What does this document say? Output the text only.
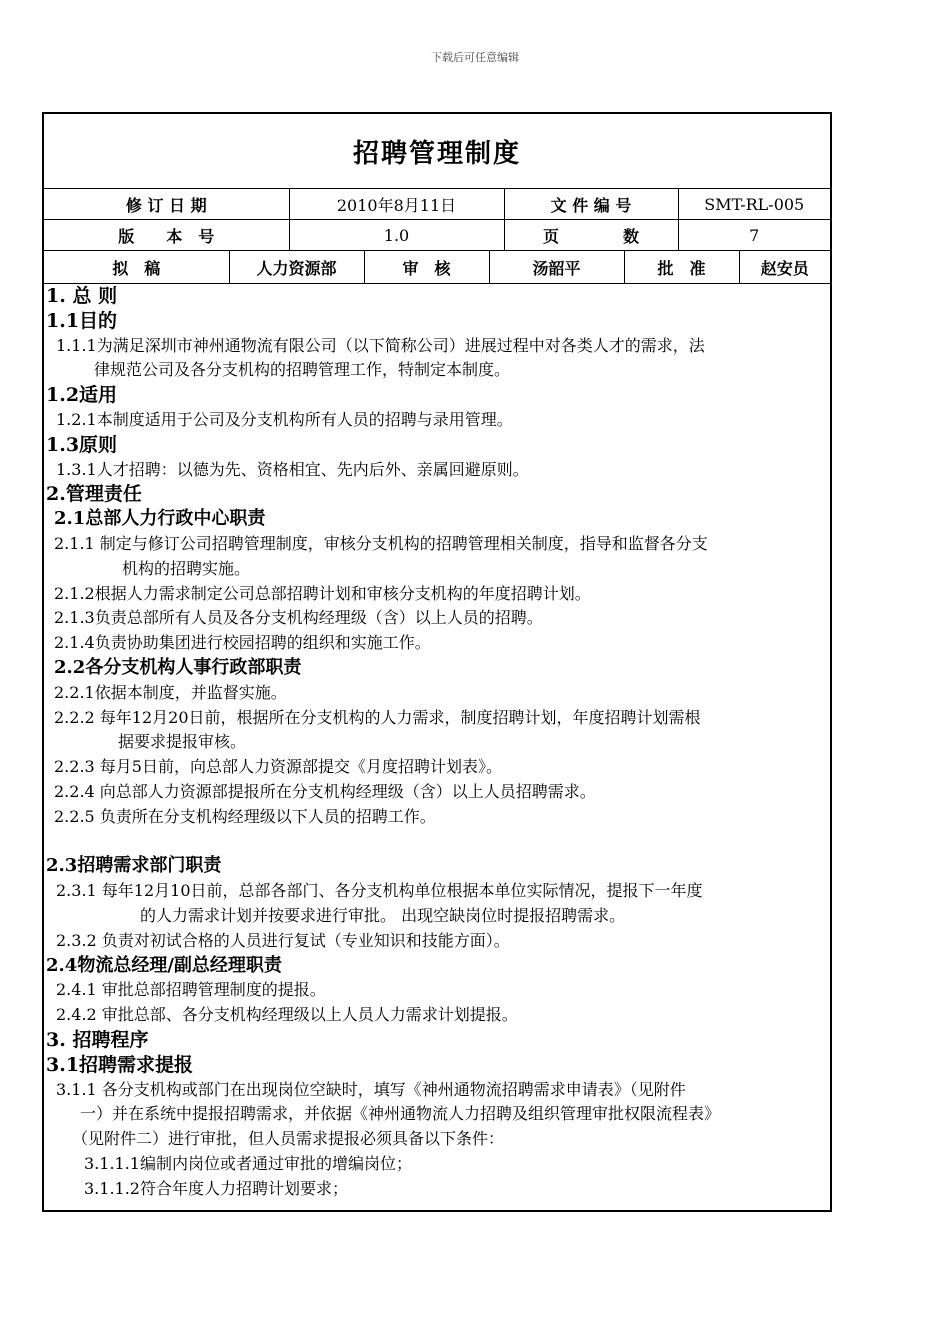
下载后可任意编辑
招聘管理制度
修 订 日 期	2010年8月11日	文 件 编 号	SMT-RL-005
版　　本　号	1.0	页　　　　数	7
拟　稿	人力资源部	审　核	汤韶平	批　准	赵安员
1. 总 则
1.1目的
1.1.1为满足深圳市神州通物流有限公司（以下简称公司）进展过程中对各类人才的需求，法
律规范公司及各分支机构的招聘管理工作，特制定本制度。
1.2适用
1.2.1本制度适用于公司及分支机构所有人员的招聘与录用管理。
1.3原则
1.3.1人才招聘：以德为先、资格相宜、先内后外、亲属回避原则。
2.管理责任
2.1总部人力行政中心职责
2.1.1 制定与修订公司招聘管理制度，审核分支机构的招聘管理相关制度，指导和监督各分支
机构的招聘实施。
2.1.2根据人力需求制定公司总部招聘计划和审核分支机构的年度招聘计划。
2.1.3负责总部所有人员及各分支机构经理级（含）以上人员的招聘。
2.1.4负责协助集团进行校园招聘的组织和实施工作。
2.2各分支机构人事行政部职责
2.2.1依据本制度，并监督实施。
2.2.2 每年12月20日前，根据所在分支机构的人力需求，制度招聘计划，年度招聘计划需根
据要求提报审核。
2.2.3 每月5日前，向总部人力资源部提交《月度招聘计划表》。
2.2.4 向总部人力资源部提报所在分支机构经理级（含）以上人员招聘需求。
2.2.5 负责所在分支机构经理级以下人员的招聘工作。
2.3招聘需求部门职责
2.3.1 每年12月10日前，总部各部门、各分支机构单位根据本单位实际情况，提报下一年度
的人力需求计划并按要求进行审批。 出现空缺岗位时提报招聘需求。
2.3.2 负责对初试合格的人员进行复试（专业知识和技能方面）。
2.4物流总经理/副总经理职责
2.4.1 审批总部招聘管理制度的提报。
2.4.2 审批总部、各分支机构经理级以上人员人力需求计划提报。
3. 招聘程序
3.1招聘需求提报
3.1.1 各分支机构或部门在出现岗位空缺时，填写《神州通物流招聘需求申请表》（见附件
一）并在系统中提报招聘需求，并依据《神州通物流人力招聘及组织管理审批权限流程表》
（见附件二）进行审批，但人员需求提报必须具备以下条件：
3.1.1.1编制内岗位或者通过审批的增编岗位；
3.1.1.2符合年度人力招聘计划要求；
